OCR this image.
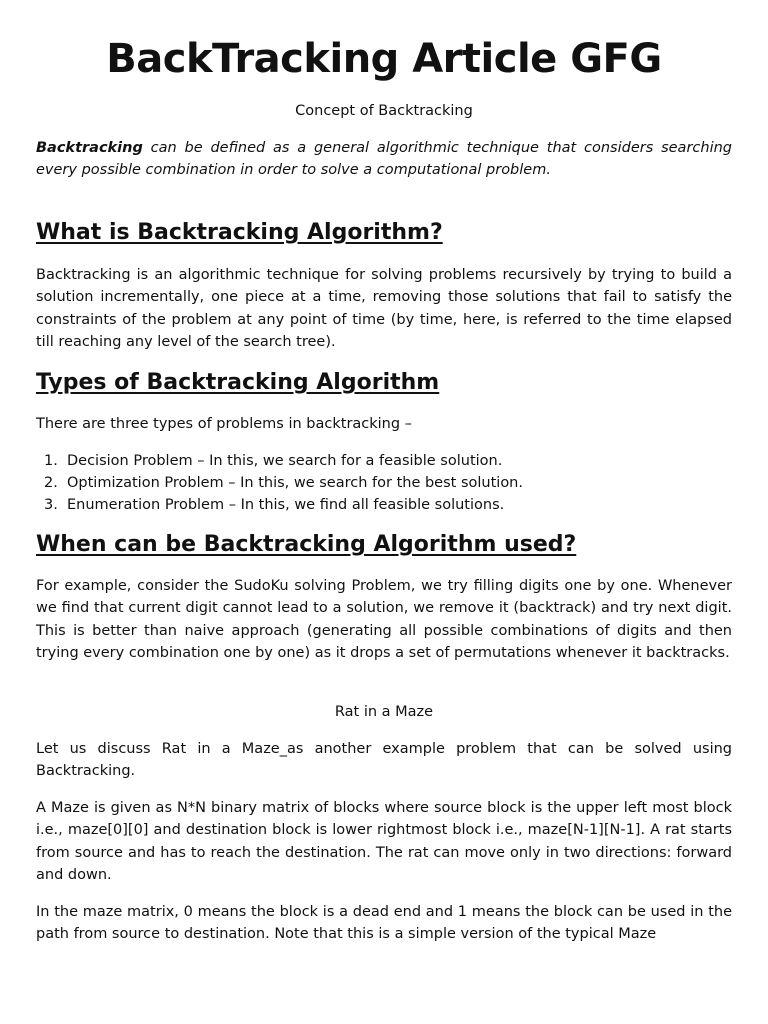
BackTracking Article GFG

Concept of Backtracking

Backtracking can be defined as a general algorithmic technique that considers searching every possible combination in order to solve a computational problem.

What is Backtracking Algorithm?

Backtracking is an algorithmic technique for solving problems recursively by trying to build a solution incrementally, one piece at a time, removing those solutions that fail to satisfy the constraints of the problem at any point of time (by time, here, is referred to the time elapsed till reaching any level of the search tree).

Types of Backtracking Algorithm

There are three types of problems in backtracking –

1. Decision Problem – In this, we search for a feasible solution.
2. Optimization Problem – In this, we search for the best solution.
3. Enumeration Problem – In this, we find all feasible solutions.
When can be Backtracking Algorithm used?

For example, consider the SudoKu solving Problem, we try filling digits one by one. Whenever we find that current digit cannot lead to a solution, we remove it (backtrack) and try next digit. This is better than naive approach (generating all possible combinations of digits and then trying every combination one by one) as it drops a set of permutations whenever it backtracks.

Rat in a Maze

Let us discuss Rat in a Maze_as another example problem that can be solved using Backtracking.

A Maze is given as N*N binary matrix of blocks where source block is the upper left most block i.e., maze[0][0] and destination block is lower rightmost block i.e., maze[N-1][N-1]. A rat starts from source and has to reach the destination. The rat can move only in two directions: forward and down.

In the maze matrix, 0 means the block is a dead end and 1 means the block can be used in the path from source to destination. Note that this is a simple version of the typical Maze
